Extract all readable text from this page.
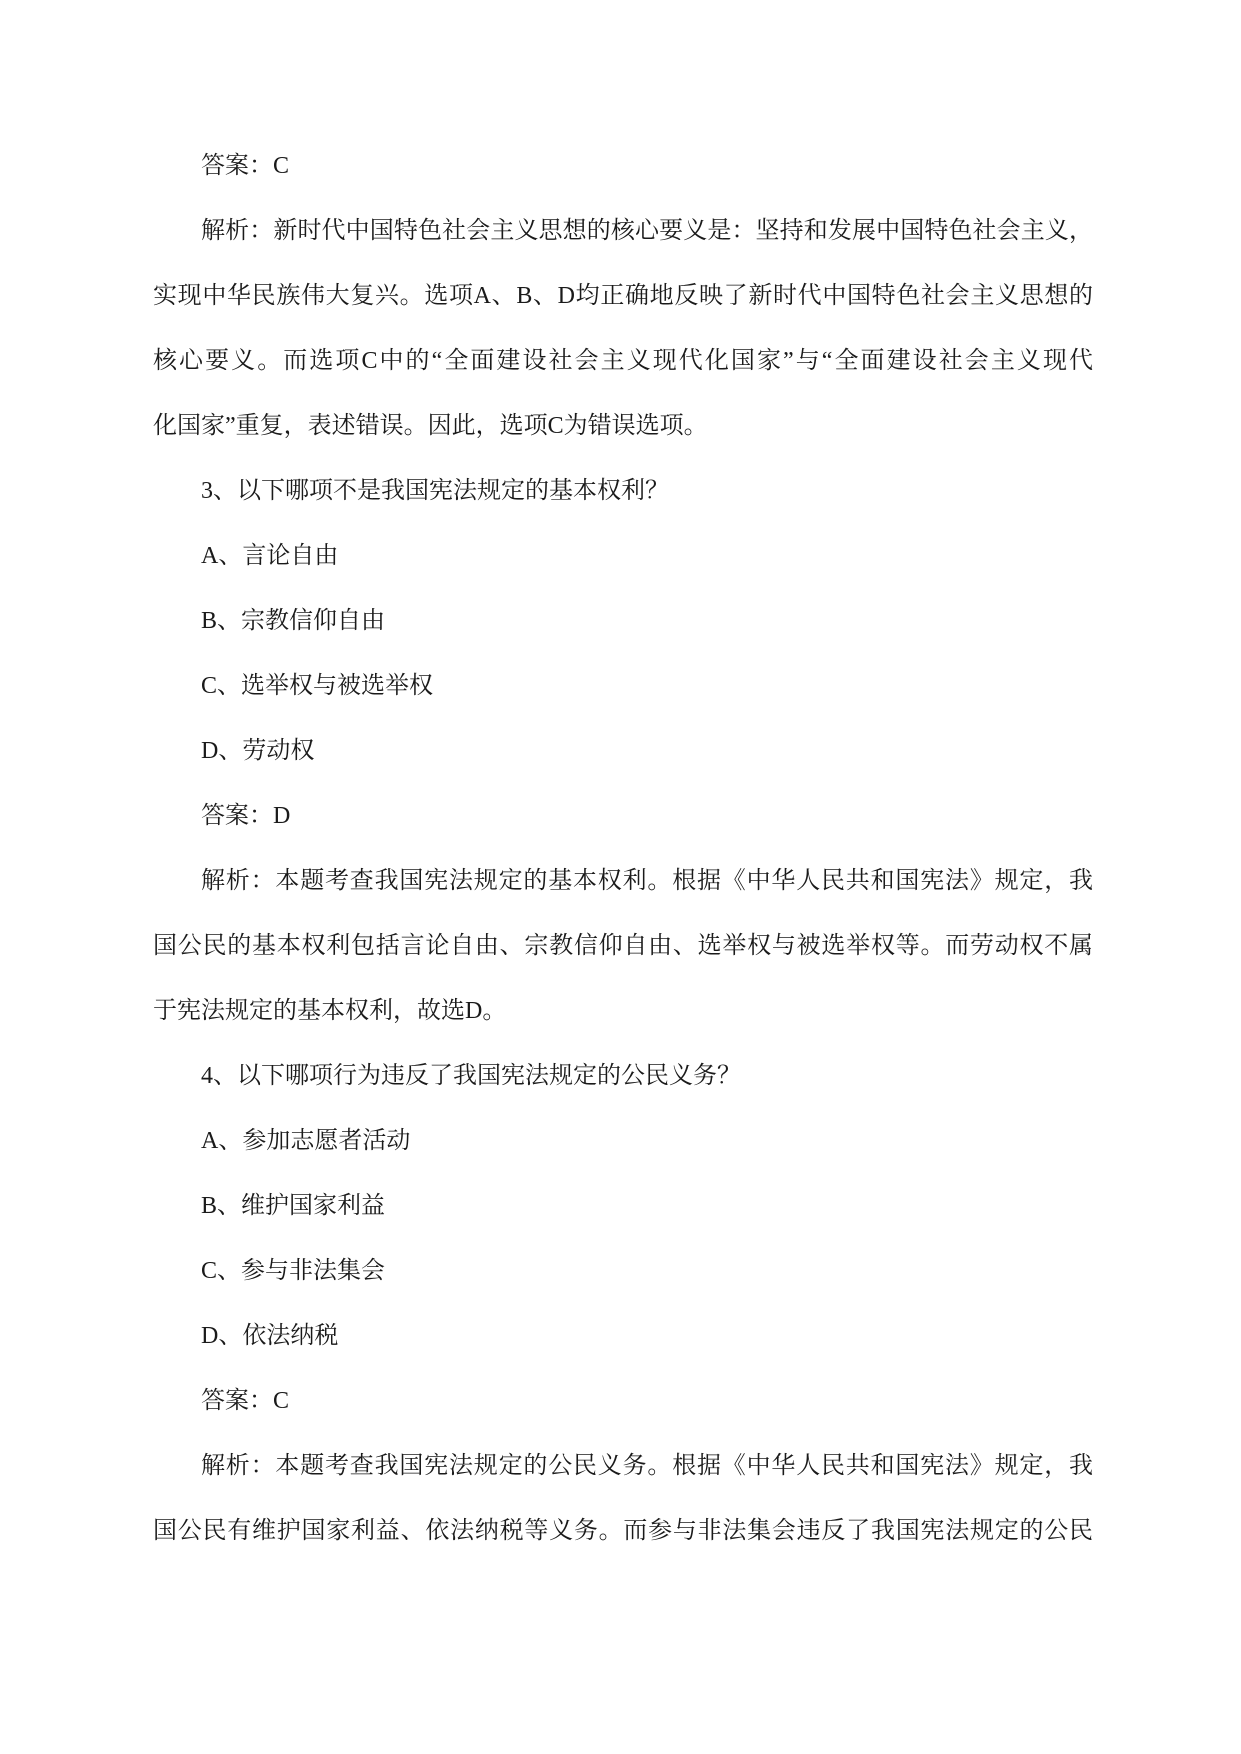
答案：C
解析：新时代中国特色社会主义思想的核心要义是：坚持和发展中国特色社会主义，
实现中华民族伟大复兴。选项A、B、D均正确地反映了新时代中国特色社会主义思想的
核心要义。而选项C中的“全面建设社会主义现代化国家”与“全面建设社会主义现代
化国家”重复，表述错误。因此，选项C为错误选项。
3、以下哪项不是我国宪法规定的基本权利？
A、言论自由
B、宗教信仰自由
C、选举权与被选举权
D、劳动权
答案：D
解析：本题考查我国宪法规定的基本权利。根据《中华人民共和国宪法》规定，我
国公民的基本权利包括言论自由、宗教信仰自由、选举权与被选举权等。而劳动权不属
于宪法规定的基本权利，故选D。
4、以下哪项行为违反了我国宪法规定的公民义务？
A、参加志愿者活动
B、维护国家利益
C、参与非法集会
D、依法纳税
答案：C
解析：本题考查我国宪法规定的公民义务。根据《中华人民共和国宪法》规定，我
国公民有维护国家利益、依法纳税等义务。而参与非法集会违反了我国宪法规定的公民
